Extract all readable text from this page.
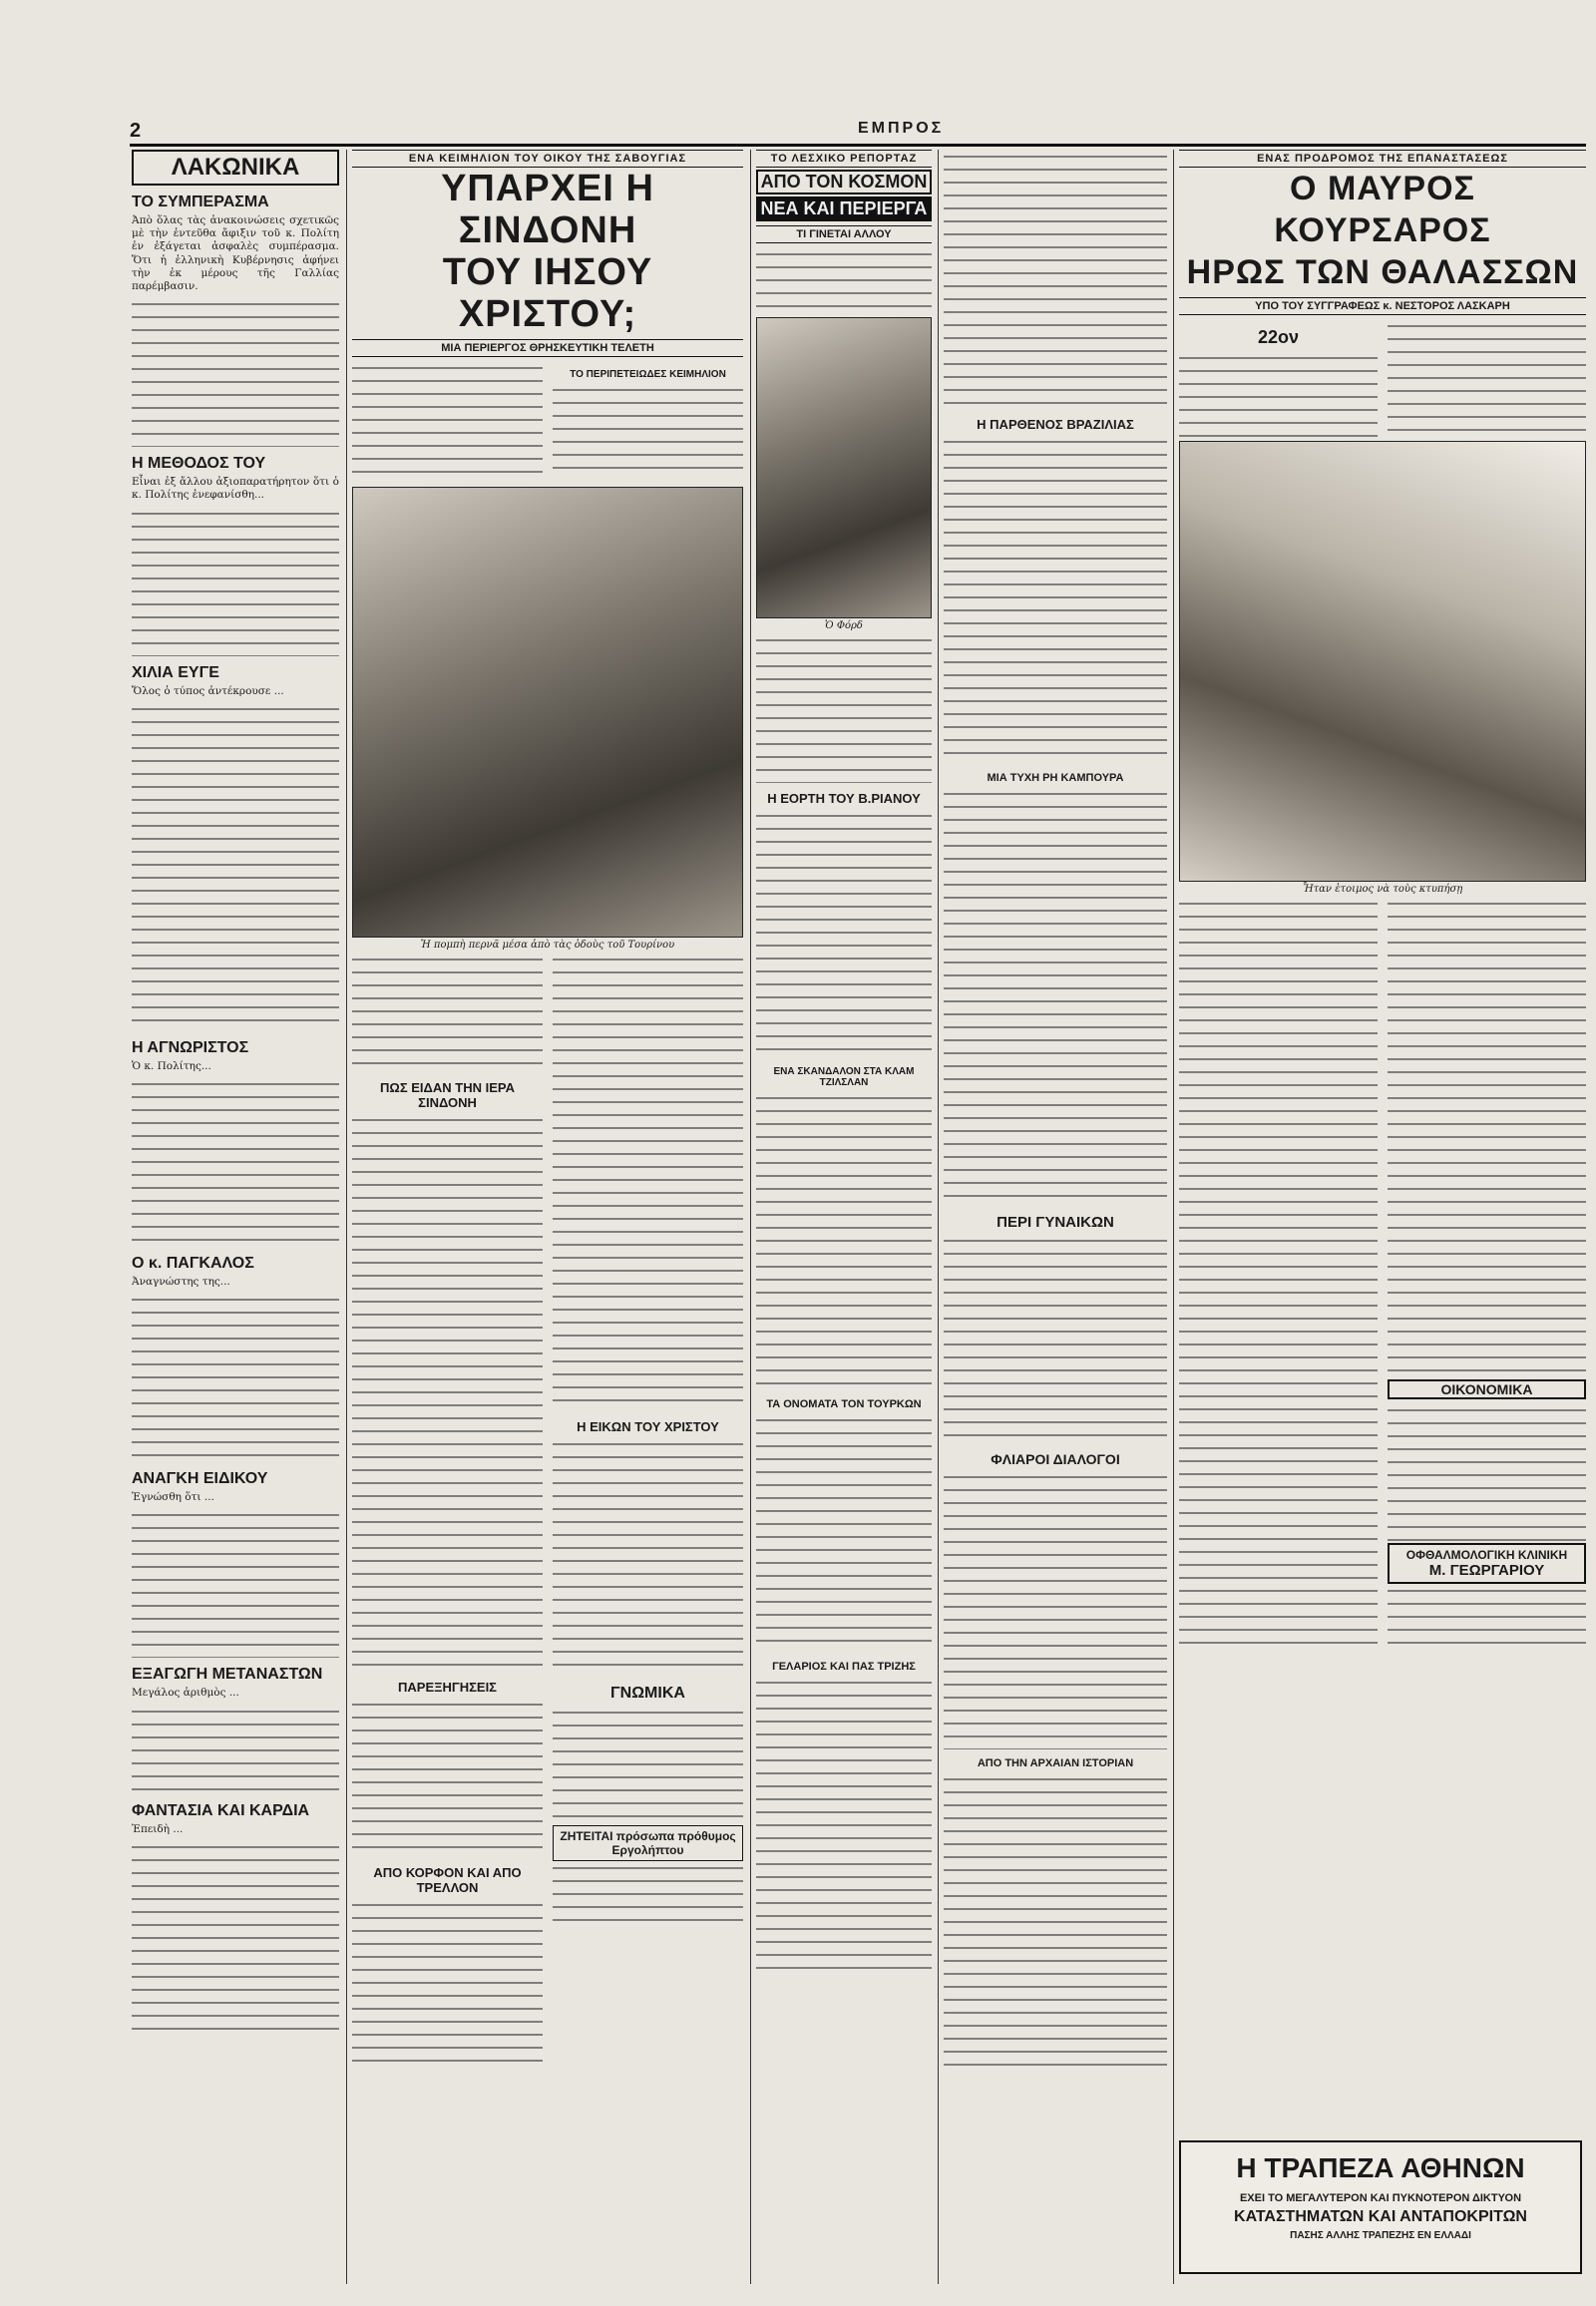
2	ΕΜΠΡΟΣ
ΛΑΚΩΝΙΚΑ
ΤΟ ΣΥΜΠΕΡΑΣΜΑ

Ἀπὸ ὅλας τὰς ἀνακοινώσεις σχετικῶς μὲ τὴν ἐντεῦθα ἄφιξιν τοῦ κ. Πολίτη ἐν ἐξάγεται ἀσφαλὲς συμπέρασμα. Ὅτι ἡ ἑλληνικὴ Κυβέρνησις ἀφήνει τὴν ἐκ μέρους τῆς Γαλλίας παρέμβασιν.

Η ΜΕΘΟΔΟΣ ΤΟΥ

Εἶναι ἐξ ἄλλου ἀξιοπαρατήρητον ὅτι ὁ κ. Πολίτης ἐνεφανίσθη...

ΧΙΛΙΑ ΕΥΓΕ

Ὅλος ὁ τύπος ἀντέκρουσε ...

Η ΑΓΝΩΡΙΣΤΟΣ

Ὁ κ. Πολίτης...

Ο κ. ΠΑΓΚΑΛΟΣ

Ἀναγνώστης της...

ΑΝΑΓΚΗ ΕΙΔΙΚΟΥ

Ἐγνώσθη ὅτι ...

ΕΞΑΓΩΓΗ ΜΕΤΑΝΑΣΤΩΝ

Μεγάλος ἀριθμὸς ...

ΦΑΝΤΑΣΙΑ ΚΑΙ ΚΑΡΔΙΑ

Ἐπειδὴ ...

ΕΝΑ ΚΕΙΜΗΛΙΟΝ ΤΟΥ ΟΙΚΟΥ ΤΗΣ ΣΑΒΟΥΓΙΑΣ
ΥΠΑΡΧΕΙ Η ΣΙΝΔΟΝΗ
ΤΟΥ ΙΗΣΟΥ ΧΡΙΣΤΟΥ;
ΜΙΑ ΠΕΡΙΕΡΓΟΣ ΘΡΗΣΚΕΥΤΙΚΗ ΤΕΛΕΤΗ
ΤΟ ΠΕΡΙΠΕΤΕΙΩΔΕΣ ΚΕΙΜΗΛΙΟΝ
Ἡ πομπὴ περνᾶ μέσα ἀπὸ τὰς ὁδοὺς τοῦ Τουρίνου
ΠΩΣ ΕΙΔΑΝ ΤΗΝ ΙΕΡΑ ΣΙΝΔΟΝΗ
ΠΑΡΕΞΗΓΗΣΕΙΣ
ΑΠΟ ΚΟΡΦΟΝ ΚΑΙ ΑΠΟ ΤΡΕΛΛΟΝ
Η ΕΙΚΩΝ ΤΟΥ ΧΡΙΣΤΟΥ
ΓΝΩΜΙΚΑ
ΖΗΤΕΙΤΑΙ πρόσωπα πρόθυμος Εργολήπτου
ΤΟ ΛΕΣΧΙΚΟ ΡΕΠΟΡΤΑΖ
ΑΠΟ ΤΟΝ ΚΟΣΜΟΝ
ΝΕΑ ΚΑΙ ΠΕΡΙΕΡΓΑ
ΤΙ ΓΙΝΕΤΑΙ ΑΛΛΟΥ
Ὁ Φόρδ
Η ΕΟΡΤΗ ΤΟΥ Β.ΡΙΑΝΟΥ
ΕΝΑ ΣΚΑΝΔΑΛΟΝ ΣΤΑ ΚΛΑΜ ΤΖΙΛΣΛΑΝ
ΤΑ ΟΝΟΜΑΤΑ ΤΟΝ ΤΟΥΡΚΩΝ
ΓΕΛΑΡΙΟΣ ΚΑΙ ΠΑΣ ΤΡΙΖΗΣ
Η ΠΑΡΘΕΝΟΣ ΒΡΑΖΙΛΙΑΣ
ΜΙΑ ΤΥΧΗ ΡΗ ΚΑΜΠΟΥΡΑ
ΠΕΡΙ ΓΥΝΑΙΚΩΝ
ΦΛΙΑΡΟΙ ΔΙΑΛΟΓΟΙ
ΑΠΟ ΤΗΝ ΑΡΧΑΙΑΝ ΙΣΤΟΡΙΑΝ
ΕΝΑΣ ΠΡΟΔΡΟΜΟΣ ΤΗΣ ΕΠΑΝΑΣΤΑΣΕΩΣ
Ο ΜΑΥΡΟΣ ΚΟΥΡΣΑΡΟΣ
ΗΡΩΣ ΤΩΝ ΘΑΛΑΣΣΩΝ
ΥΠΟ ΤΟΥ ΣΥΓΓΡΑΦΕΩΣ κ. ΝΕΣΤΟΡΟΣ ΛΑΣΚΑΡΗ
22ον
Ἦταν ἑτοιμος νὰ τοὺς κτυπήσῃ
ΟΙΚΟΝΟΜΙΚΑ
ΟΦΘΑΛΜΟΛΟΓΙΚΗ ΚΛΙΝΙΚΗ
Μ. ΓΕΩΡΓΑΡΙΟΥ
Η ΤΡΑΠΕΖΑ ΑΘΗΝΩΝ
ΕΧΕΙ ΤΟ ΜΕΓΑΛΥΤΕΡΟΝ ΚΑΙ ΠΥΚΝΟΤΕΡΟΝ ΔΙΚΤΥΟΝ
ΚΑΤΑΣΤΗΜΑΤΩΝ ΚΑΙ ΑΝΤΑΠΟΚΡΙΤΩΝ
ΠΑΣΗΣ ΑΛΛΗΣ ΤΡΑΠΕΖΗΣ ΕΝ ΕΛΛΑΔΙ
